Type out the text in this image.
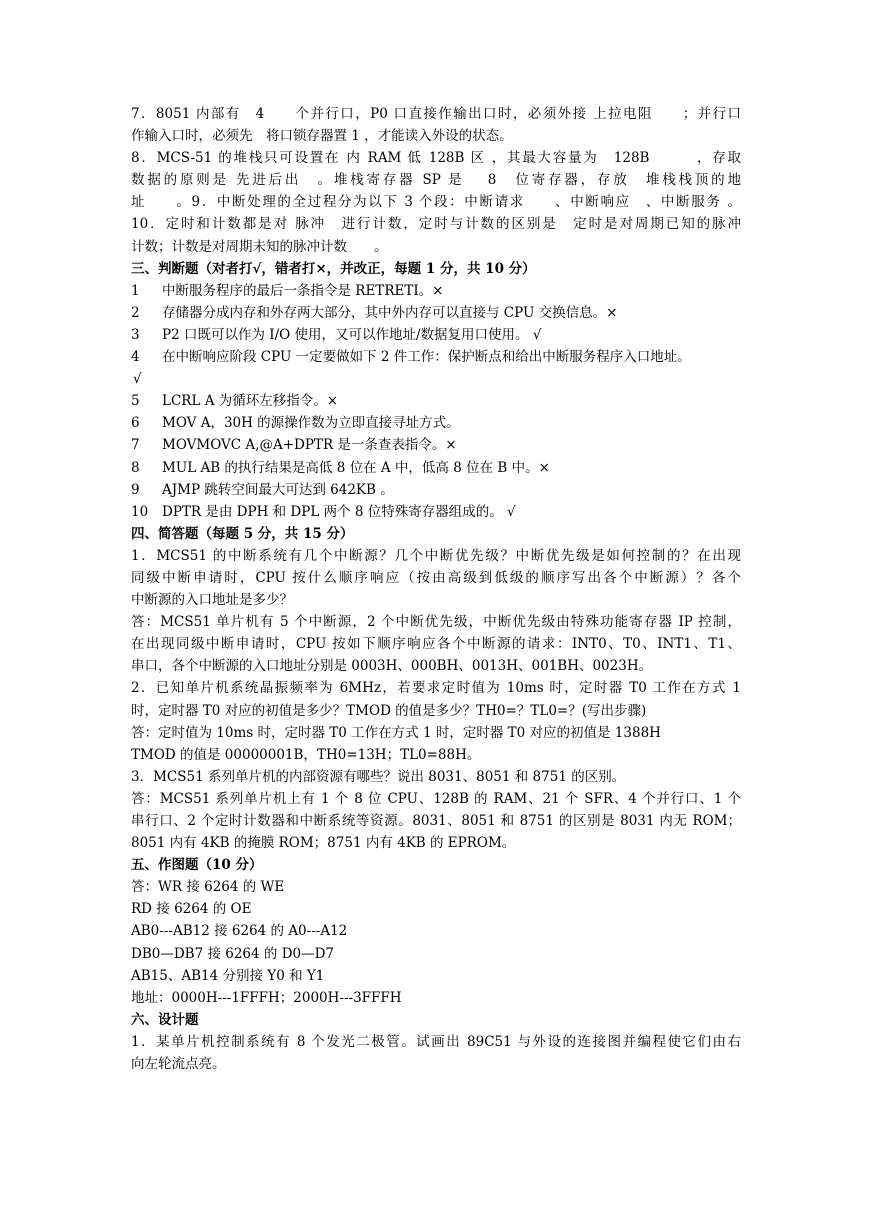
7．8051 内部有　4　　个并行口，P0 口直接作输出口时，必须外接 上拉电阻　　；并行口
作输入口时，必须先　将口锁存器置 1 ，才能读入外设的状态。
8．MCS-51 的堆栈只可设置在 内 RAM 低 128B 区 ，其最大容量为　128B　　　，存取
数据的原则是 先进后出　。堆栈寄存器 SP 是　 8　位寄存器，存放　堆栈栈顶的地
址　　。9．中断处理的全过程分为以下 3 个段：中断请求　　、中断响应　、中断服务 。
10．定时和计数都是对 脉冲　进行计数，定时与计数的区别是　定时是对周期已知的脉冲
计数；计数是对周期未知的脉冲计数　　。
三、判断题（对者打√，错者打×，并改正，每题 1 分，共 10 分）
1	中断服务程序的最后一条指令是 RETRETI。×
2	存储器分成内存和外存两大部分，其中外内存可以直接与 CPU 交换信息。×
3	P2 口既可以作为 I/O 使用，又可以作地址/数据复用口使用。 √
4	在中断响应阶段 CPU 一定要做如下 2 件工作：保护断点和给出中断服务程序入口地址。
√
5	LCRL A 为循环左移指令。×
6	MOV A，30H 的源操作数为立即直接寻址方式。
7	MOVMOVC A,@A+DPTR 是一条查表指令。×
8	MUL AB 的执行结果是高低 8 位在 A 中，低高 8 位在 B 中。×
9	AJMP 跳转空间最大可达到 642KB 。
10	DPTR 是由 DPH 和 DPL 两个 8 位特殊寄存器组成的。 √
四、简答题（每题 5 分，共 15 分）
1．MCS51 的中断系统有几个中断源？几个中断优先级？中断优先级是如何控制的？在出现
同级中断申请时，CPU 按什么顺序响应（按由高级到低级的顺序写出各个中断源）？各个
中断源的入口地址是多少？
答：MCS51 单片机有 5 个中断源，2 个中断优先级，中断优先级由特殊功能寄存器 IP 控制，
在出现同级中断申请时，CPU 按如下顺序响应各个中断源的请求：INT0、T0、INT1、T1、
串口，各个中断源的入口地址分别是 0003H、000BH、0013H、001BH、0023H。
2．已知单片机系统晶振频率为 6MHz，若要求定时值为 10ms 时，定时器 T0 工作在方式 1
时，定时器 T0 对应的初值是多少？TMOD 的值是多少？TH0=？TL0=？(写出步骤)
答：定时值为 10ms 时，定时器 T0 工作在方式 1 时，定时器 T0 对应的初值是 1388H
TMOD 的值是 00000001B，TH0=13H；TL0=88H。
3．MCS51 系列单片机的内部资源有哪些？说出 8031、8051 和 8751 的区别。
答：MCS51 系列单片机上有 1 个 8 位 CPU、128B 的 RAM、21 个 SFR、4 个并行口、1 个
串行口、2 个定时计数器和中断系统等资源。8031、8051 和 8751 的区别是 8031 内无 ROM；
8051 内有 4KB 的掩膜 ROM；8751 内有 4KB 的 EPROM。
五、作图题（10 分）
答：WR 接 6264 的 WE
RD 接 6264 的 OE
AB0---AB12 接 6264 的 A0---A12
DB0—DB7 接 6264 的 D0—D7
AB15、AB14 分别接 Y0 和 Y1
地址：0000H---1FFFH；2000H---3FFFH
六、设计题
1．某单片机控制系统有 8 个发光二极管。试画出 89C51 与外设的连接图并编程使它们由右
向左轮流点亮。
